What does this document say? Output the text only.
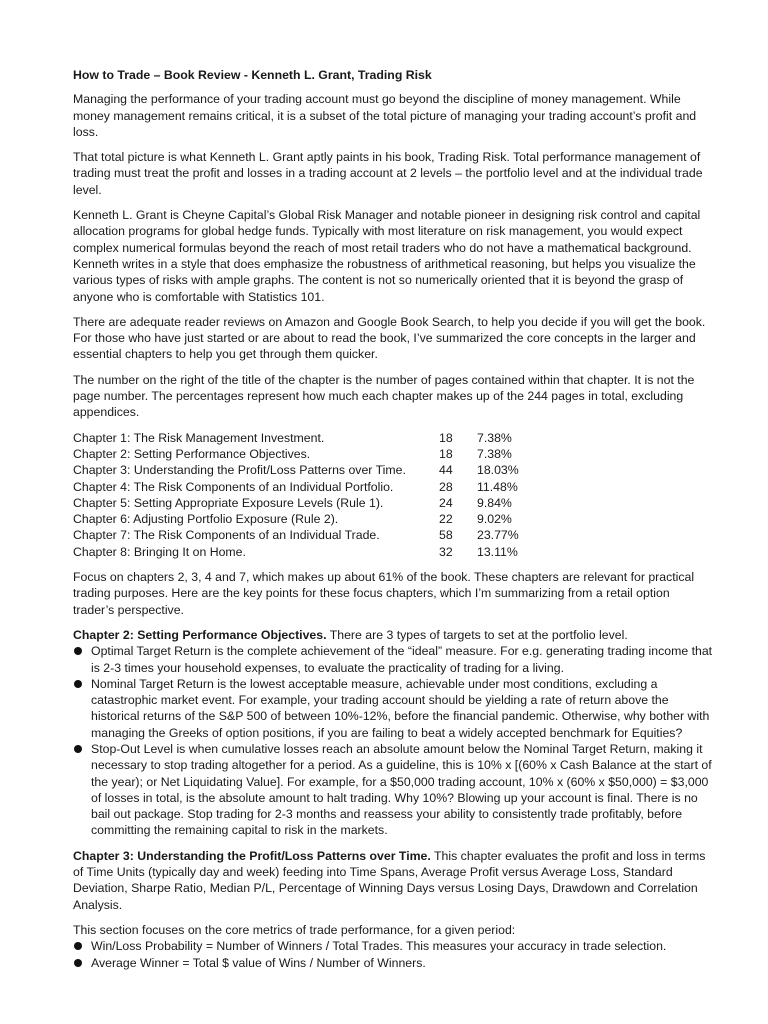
How to Trade – Book Review - Kenneth L. Grant, Trading Risk

Managing the performance of your trading account must go beyond the discipline of money management. While money management remains critical, it is a subset of the total picture of managing your trading account’s profit and loss.

That total picture is what Kenneth L. Grant aptly paints in his book, Trading Risk. Total performance management of trading must treat the profit and losses in a trading account at 2 levels – the portfolio level and at the individual trade level.

Kenneth L. Grant is Cheyne Capital’s Global Risk Manager and notable pioneer in designing risk control and capital allocation programs for global hedge funds. Typically with most literature on risk management, you would expect complex numerical formulas beyond the reach of most retail traders who do not have a mathematical background. Kenneth writes in a style that does emphasize the robustness of arithmetical reasoning, but helps you visualize the various types of risks with ample graphs. The content is not so numerically oriented that it is beyond the grasp of anyone who is comfortable with Statistics 101.

There are adequate reader reviews on Amazon and Google Book Search, to help you decide if you will get the book. For those who have just started or are about to read the book, I’ve summarized the core concepts in the larger and essential chapters to help you get through them quicker.

The number on the right of the title of the chapter is the number of pages contained within that chapter. It is not the page number. The percentages represent how much each chapter makes up of the 244 pages in total, excluding appendices.

Chapter 1: The Risk Management Investment.	18	7.38%
Chapter 2: Setting Performance Objectives.	18	7.38%
Chapter 3: Understanding the Profit/Loss Patterns over Time.	44	18.03%
Chapter 4: The Risk Components of an Individual Portfolio.	28	11.48%
Chapter 5: Setting Appropriate Exposure Levels (Rule 1).	24	9.84%
Chapter 6: Adjusting Portfolio Exposure (Rule 2).	22	9.02%
Chapter 7: The Risk Components of an Individual Trade.	58	23.77%
Chapter 8: Bringing It on Home.	32	13.11%

Focus on chapters 2, 3, 4 and 7, which makes up about 61% of the book. These chapters are relevant for practical trading purposes. Here are the key points for these focus chapters, which I’m summarizing from a retail option trader’s perspective.

Chapter 2: Setting Performance Objectives. There are 3 types of targets to set at the portfolio level.
Optimal Target Return is the complete achievement of the “ideal” measure. For e.g. generating trading income that is 2-3 times your household expenses, to evaluate the practicality of trading for a living.
Nominal Target Return is the lowest acceptable measure, achievable under most conditions, excluding a catastrophic market event. For example, your trading account should be yielding a rate of return above the historical returns of the S&P 500 of between 10%-12%, before the financial pandemic. Otherwise, why bother with managing the Greeks of option positions, if you are failing to beat a widely accepted benchmark for Equities?
Stop-Out Level is when cumulative losses reach an absolute amount below the Nominal Target Return, making it necessary to stop trading altogether for a period. As a guideline, this is 10% x [(60% x Cash Balance at the start of the year); or Net Liquidating Value]. For example, for a $50,000 trading account, 10% x (60% x $50,000) = $3,000 of losses in total, is the absolute amount to halt trading. Why 10%? Blowing up your account is final. There is no bail out package. Stop trading for 2-3 months and reassess your ability to consistently trade profitably, before committing the remaining capital to risk in the markets.

Chapter 3: Understanding the Profit/Loss Patterns over Time. This chapter evaluates the profit and loss in terms of Time Units (typically day and week) feeding into Time Spans, Average Profit versus Average Loss, Standard Deviation, Sharpe Ratio, Median P/L, Percentage of Winning Days versus Losing Days, Drawdown and Correlation Analysis.

This section focuses on the core metrics of trade performance, for a given period:
Win/Loss Probability = Number of Winners / Total Trades. This measures your accuracy in trade selection.
Average Winner = Total $ value of Wins / Number of Winners.
